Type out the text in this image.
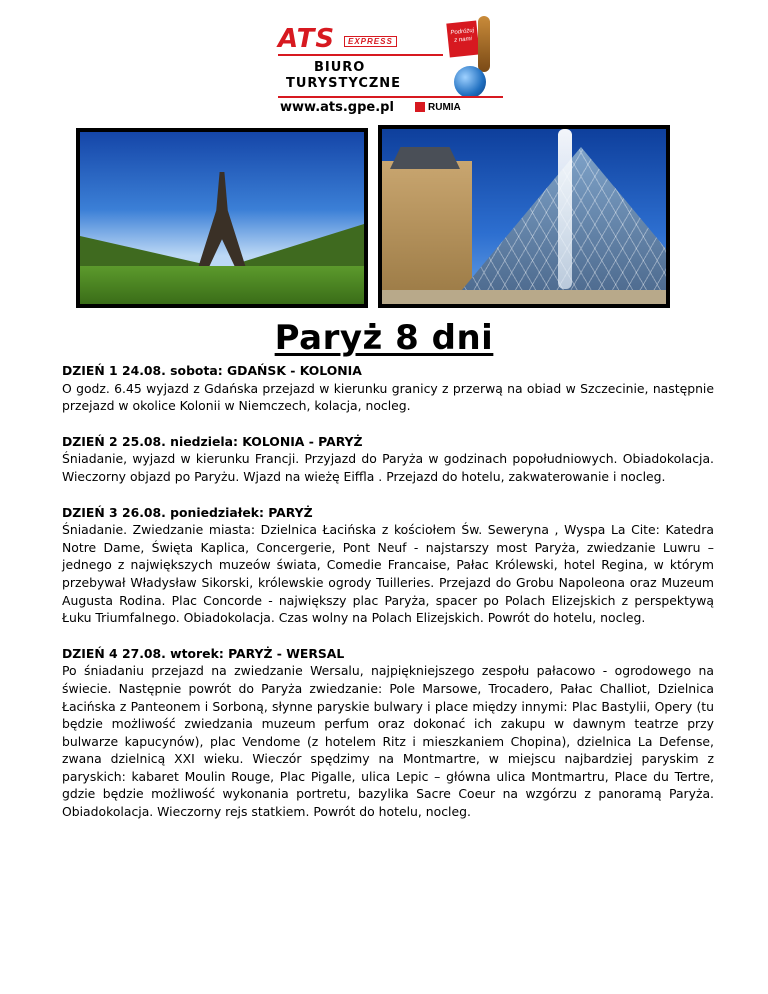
ATS	EXPRESS
Podróżuj
z nami
BIURO
TURYSTYCZNE
www.ats.gpe.pl	RUMIA
Paryż 8 dni
DZIEŃ 1 24.08. sobota: GDAŃSK - KOLONIA
O godz. 6.45 wyjazd z Gdańska przejazd w kierunku granicy z przerwą na obiad w Szczecinie, następnie przejazd w okolice Kolonii w Niemczech, kolacja, nocleg.
DZIEŃ 2 25.08. niedziela: KOLONIA - PARYŻ
Śniadanie, wyjazd w kierunku Francji. Przyjazd do Paryża w godzinach popołudniowych. Obiadokolacja. Wieczorny objazd po Paryżu. Wjazd na wieżę Eiffla . Przejazd do hotelu, zakwaterowanie i nocleg.
DZIEŃ 3 26.08. poniedziałek: PARYŻ
Śniadanie. Zwiedzanie miasta: Dzielnica Łacińska z kościołem Św. Seweryna , Wyspa La Cite: Katedra Notre Dame, Święta Kaplica, Concergerie, Pont Neuf - najstarszy most Paryża, zwiedzanie Luwru – jednego z największych muzeów świata, Comedie Francaise, Pałac Królewski, hotel Regina, w którym przebywał Władysław Sikorski, królewskie ogrody Tuilleries. Przejazd do Grobu Napoleona oraz Muzeum Augusta Rodina. Plac Concorde - największy plac Paryża, spacer po Polach Elizejskich z perspektywą Łuku Triumfalnego. Obiadokolacja. Czas wolny na Polach Elizejskich. Powrót do hotelu, nocleg.
DZIEŃ 4 27.08. wtorek: PARYŻ - WERSAL
Po śniadaniu przejazd na zwiedzanie Wersalu, najpiękniejszego zespołu pałacowo - ogrodowego na świecie. Następnie powrót do Paryża zwiedzanie: Pole Marsowe, Trocadero, Pałac Challiot, Dzielnica Łacińska z Panteonem i Sorboną, słynne paryskie bulwary i place między innymi: Plac Bastylii, Opery (tu będzie możliwość zwiedzania muzeum perfum oraz dokonać ich zakupu w dawnym teatrze przy bulwarze kapucynów), plac Vendome (z hotelem Ritz i mieszkaniem Chopina), dzielnica La Defense, zwana dzielnicą XXI wieku. Wieczór spędzimy na Montmartre, w miejscu najbardziej paryskim z paryskich: kabaret Moulin Rouge, Plac Pigalle, ulica Lepic – główna ulica Montmartru, Place du Tertre, gdzie będzie możliwość wykonania portretu, bazylika Sacre Coeur na wzgórzu z panoramą Paryża. Obiadokolacja. Wieczorny rejs statkiem. Powrót do hotelu, nocleg.
